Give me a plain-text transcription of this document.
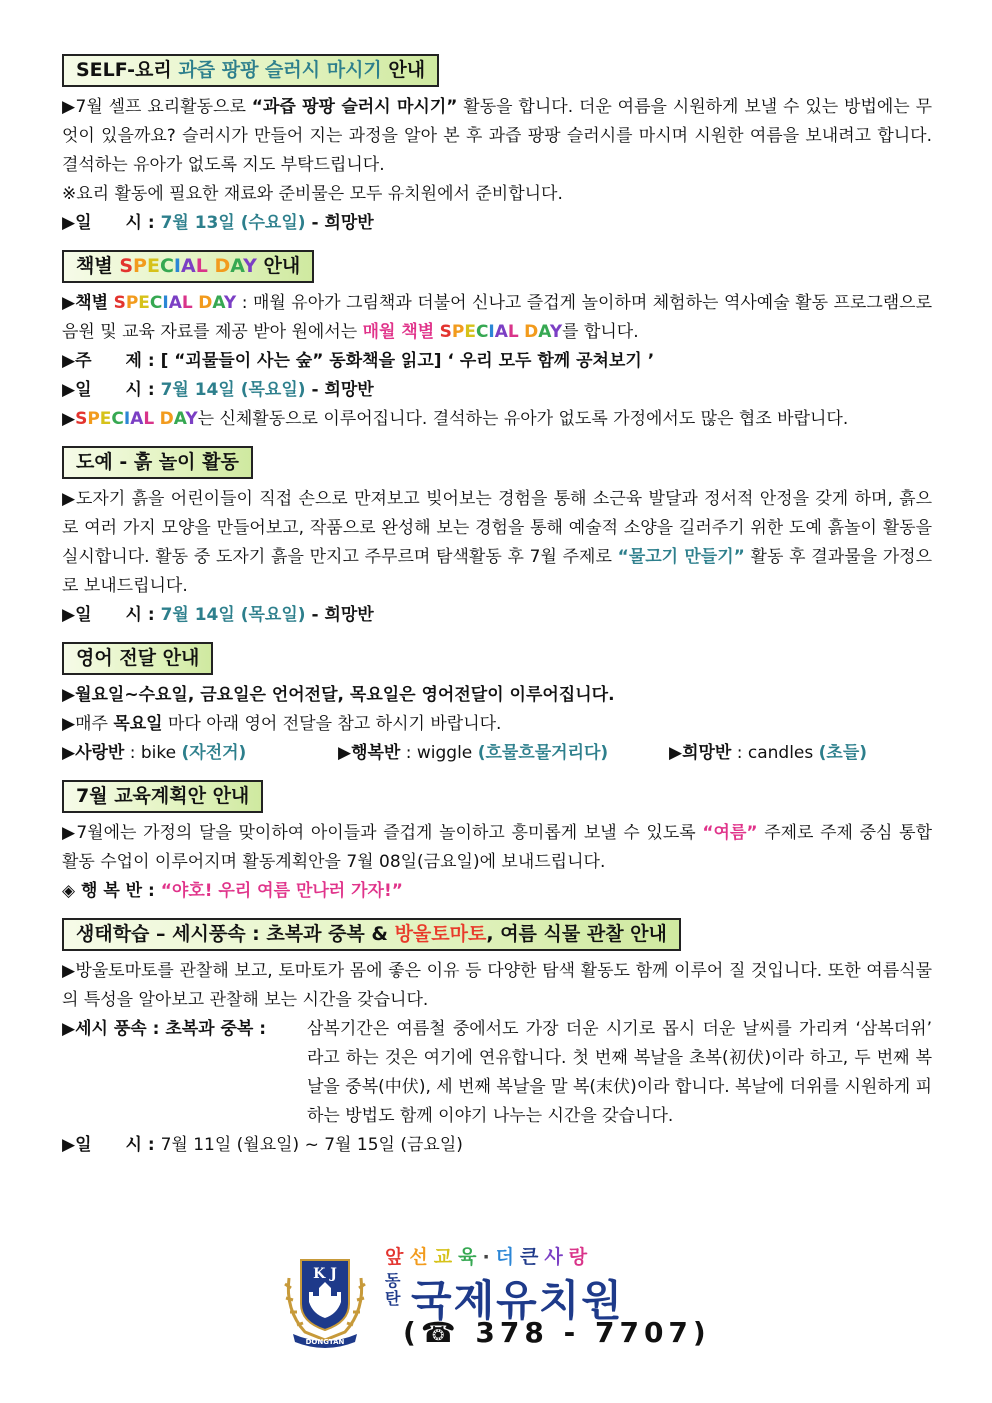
SELF-요리 과즙 팡팡 슬러시 마시기 안내
▶7월 셀프 요리활동으로 “과즙 팡팡 슬러시 마시기” 활동을 합니다. 더운 여름을 시원하게 보낼 수 있는 방법에는 무엇이 있을까요? 슬러시가 만들어 지는 과정을 알아 본 후 과즙 팡팡 슬러시를 마시며 시원한 여름을 보내려고 합니다. 결석하는 유아가 없도록 지도 부탁드립니다.
※요리 활동에 필요한 재료와 준비물은 모두 유치원에서 준비합니다.
▶일　　시 : 7월 13일 (수요일) - 희망반
책별 SPECIAL DAY 안내
▶책별 SPECIAL DAY : 매월 유아가 그림책과 더불어 신나고 즐겁게 놀이하며 체험하는 역사예술 활동 프로그램으로 음원 및 교육 자료를 제공 받아 원에서는 매월 책별 SPECIAL DAY를 합니다.
▶주　　제 : [ “괴물들이 사는 숲” 동화책을 읽고] ‘ 우리 모두 함께 공쳐보기 ’
▶일　　시 : 7월 14일 (목요일) - 희망반
▶SPECIAL DAY는 신체활동으로 이루어집니다. 결석하는 유아가 없도록 가정에서도 많은 협조 바랍니다.
도예 - 흙 놀이 활동
▶도자기 흙을 어린이들이 직접 손으로 만져보고 빚어보는 경험을 통해 소근육 발달과 정서적 안정을 갖게 하며, 흙으로 여러 가지 모양을 만들어보고, 작품으로 완성해 보는 경험을 통해 예술적 소양을 길러주기 위한 도예 흙놀이 활동을 실시합니다. 활동 중 도자기 흙을 만지고 주무르며 탐색활동 후 7월 주제로 “물고기 만들기” 활동 후 결과물을 가정으로 보내드립니다.
▶일　　시 : 7월 14일 (목요일) - 희망반
영어 전달 안내
▶월요일~수요일, 금요일은 언어전달, 목요일은 영어전달이 이루어집니다.
▶매주 목요일 마다 아래 영어 전달을 참고 하시기 바랍니다.
▶사랑반 : bike (자전거)	▶행복반 : wiggle (흐물흐물거리다)	▶희망반 : candles (초들)
7월 교육계획안 안내
▶7월에는 가정의 달을 맞이하여 아이들과 즐겁게 놀이하고 흥미롭게 보낼 수 있도록 “여름” 주제로 주제 중심 통합 활동 수업이 이루어지며 활동계획안을 7월 08일(금요일)에 보내드립니다.
◈ 행 복 반 : “야호! 우리 여름 만나러 가자!”
생태학습 – 세시풍속 : 초복과 중복 & 방울토마토, 여름 식물 관찰 안내
▶방울토마토를 관찰해 보고, 토마토가 몸에 좋은 이유 등 다양한 탐색 활동도 함께 이루어 질 것입니다. 또한 여름식물의 특성을 알아보고 관찰해 보는 시간을 갖습니다.
▶세시 풍속 : 초복과 중복 : 삼복기간은 여름철 중에서도 가장 더운 시기로 몹시 더운 날씨를 가리켜 ‘삼복더위’ 라고 하는 것은 여기에 연유합니다. 첫 번째 복날을 초복(初伏)이라 하고, 두 번째 복날을 중복(中伏), 세 번째 복날을 말 복(末伏)이라 합니다. 복날에 더위를 시원하게 피하는 방법도 함께 이야기 나누는 시간을 갖습니다.
▶일　　시 : 7월 11일 (월요일) ~ 7월 15일 (금요일)
K J
DONGTAN
앞선교육·더큰사랑
동
탄 국제유치원
(☎ 378 - 7707)
